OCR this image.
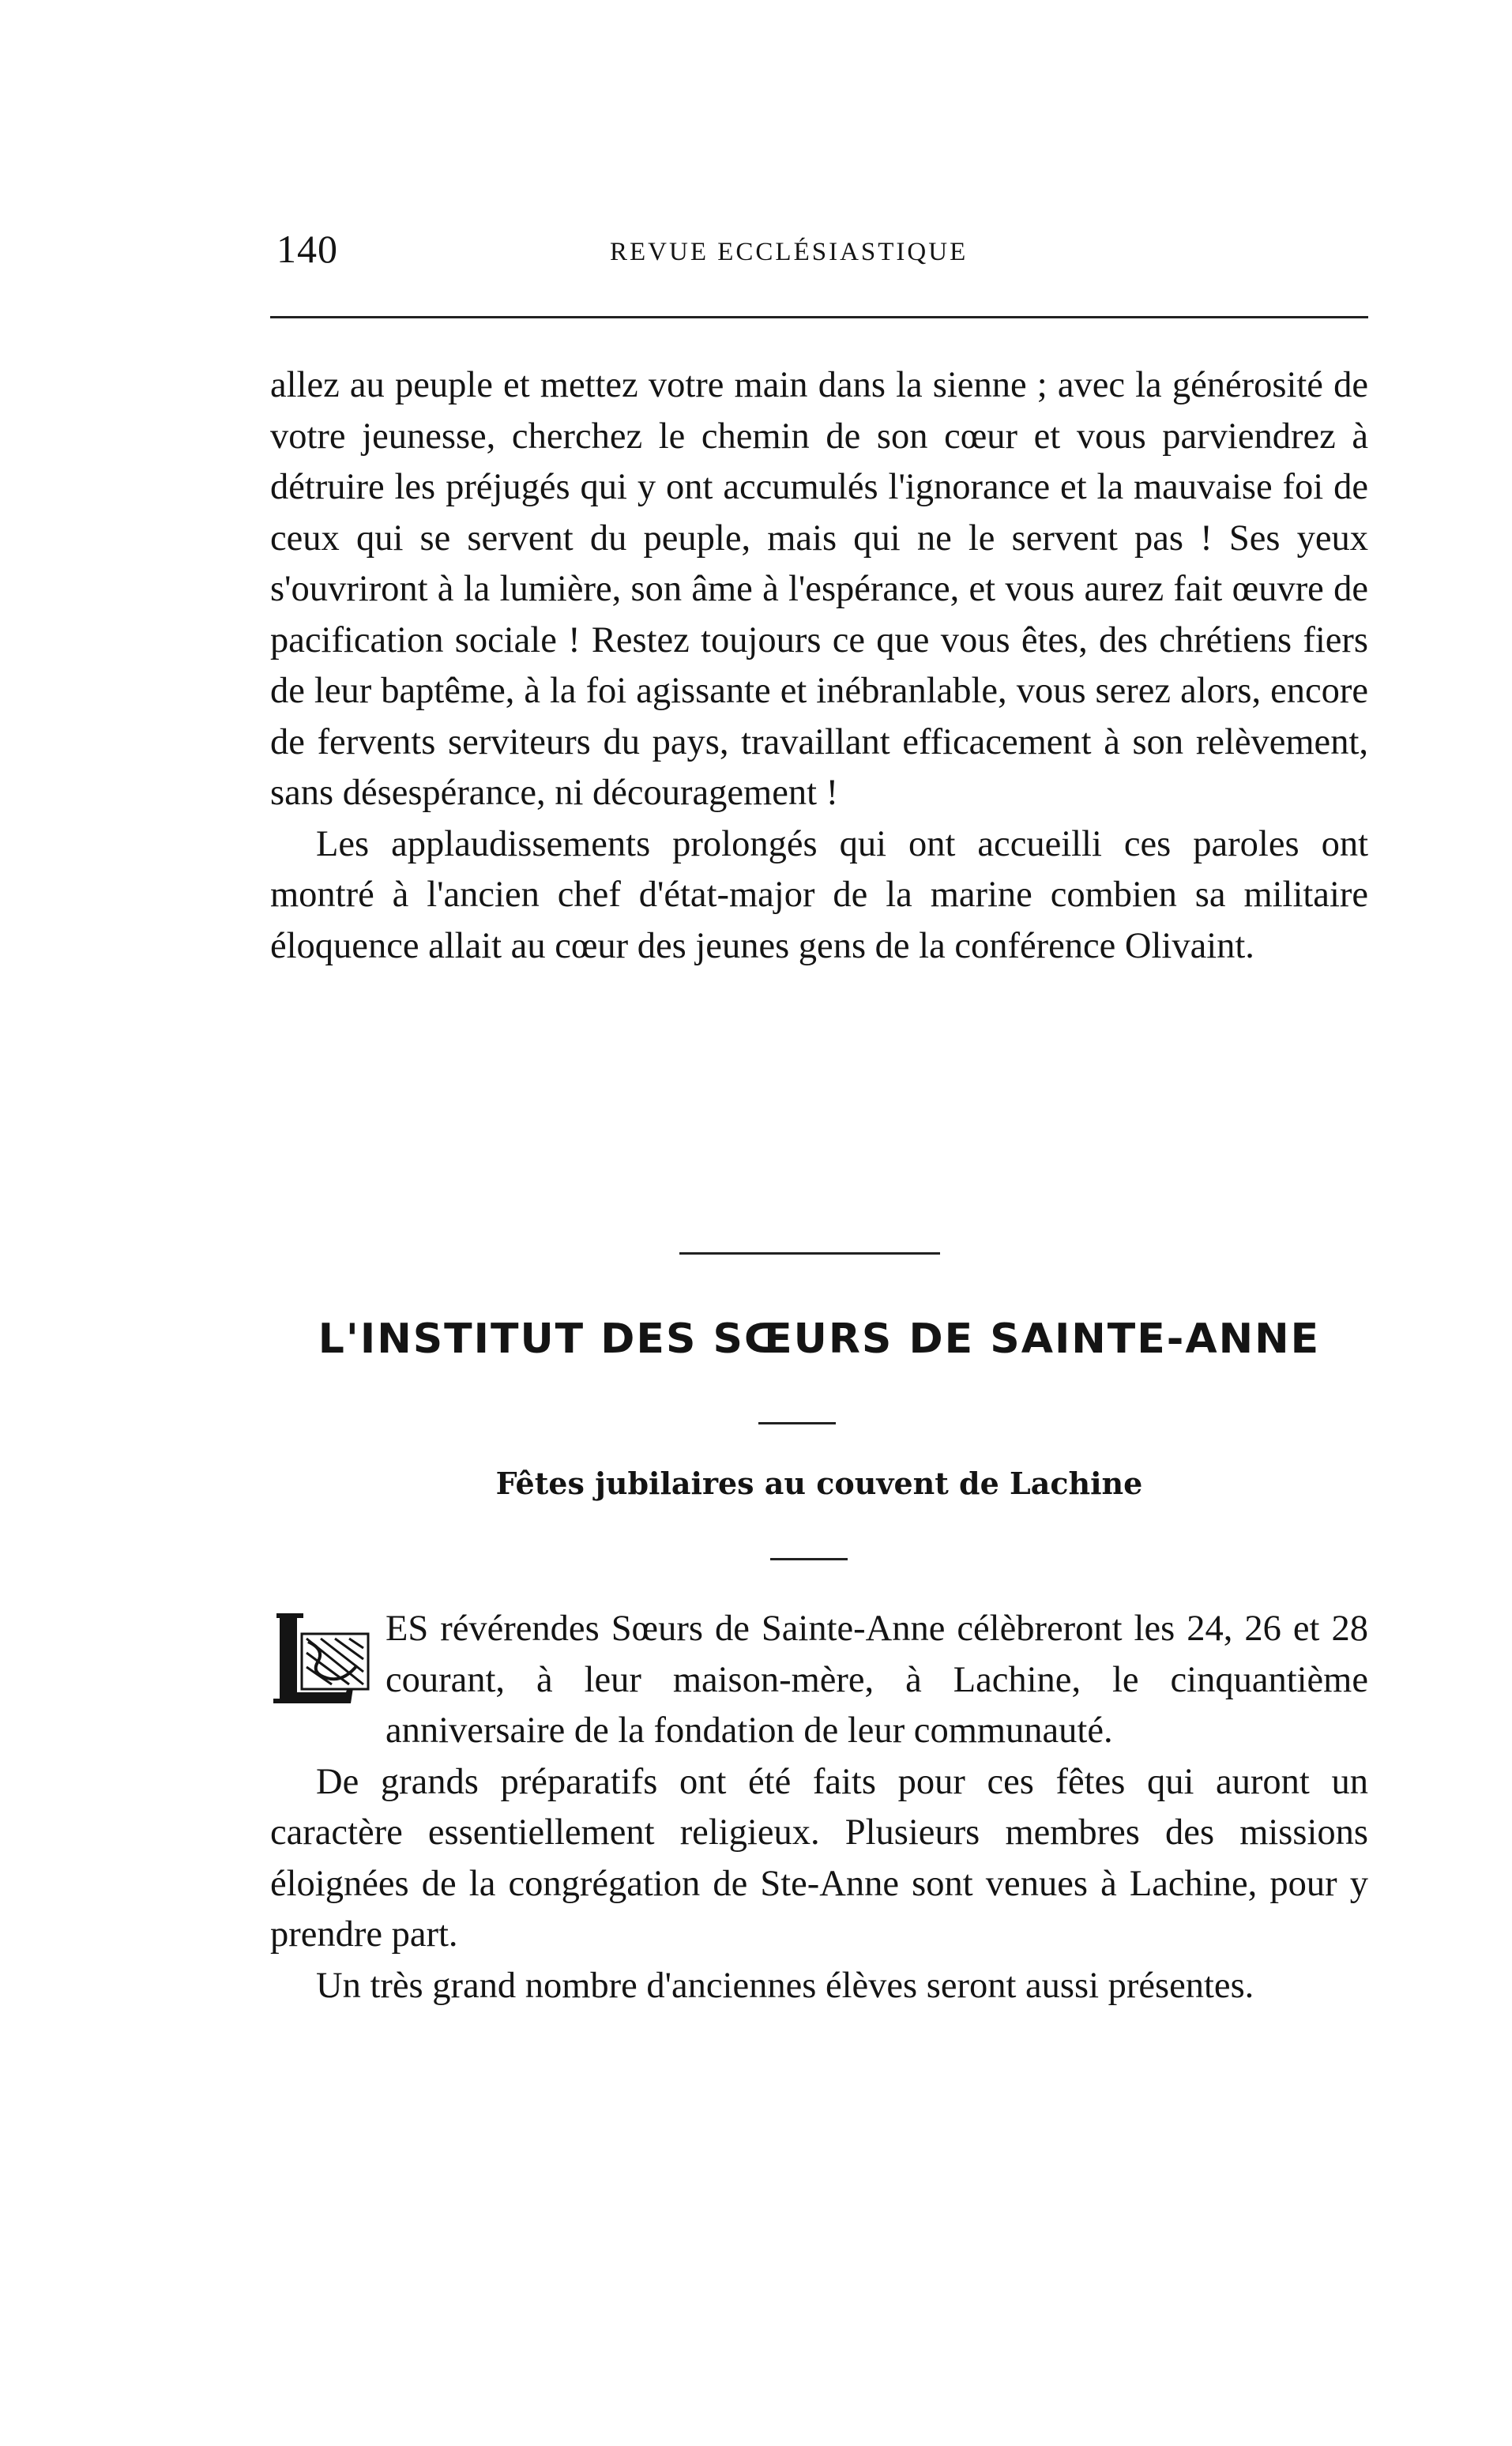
140	REVUE ECCLÉSIASTIQUE

allez au peuple et mettez votre main dans la sienne ; avec la générosité de votre jeunesse, cherchez le chemin de son cœur et vous parviendrez à détruire les préjugés qui y ont accumulés l'ignorance et la mauvaise foi de ceux qui se servent du peuple, mais qui ne le servent pas ! Ses yeux s'ouvriront à la lumière, son âme à l'espérance, et vous aurez fait œuvre de pacification sociale ! Restez toujours ce que vous êtes, des chrétiens fiers de leur baptême, à la foi agissante et inébranlable, vous serez alors, encore de fervents serviteurs du pays, travaillant efficacement à son relèvement, sans désespérance, ni découragement !

Les applaudissements prolongés qui ont accueilli ces paroles ont montré à l'ancien chef d'état-major de la marine combien sa militaire éloquence allait au cœur des jeunes gens de la conférence Olivaint.

L'INSTITUT DES SŒURS DE SAINTE-ANNE
Fêtes jubilaires au couvent de Lachine

ES révérendes Sœurs de Sainte-Anne célèbreront les 24, 26 et 28 courant, à leur maison-mère, à Lachine, le cinquantième anniversaire de la fondation de leur communauté.

De grands préparatifs ont été faits pour ces fêtes qui auront un caractère essentiellement religieux. Plusieurs membres des missions éloignées de la congrégation de Ste-Anne sont venues à Lachine, pour y prendre part.

Un très grand nombre d'anciennes élèves seront aussi présentes.
